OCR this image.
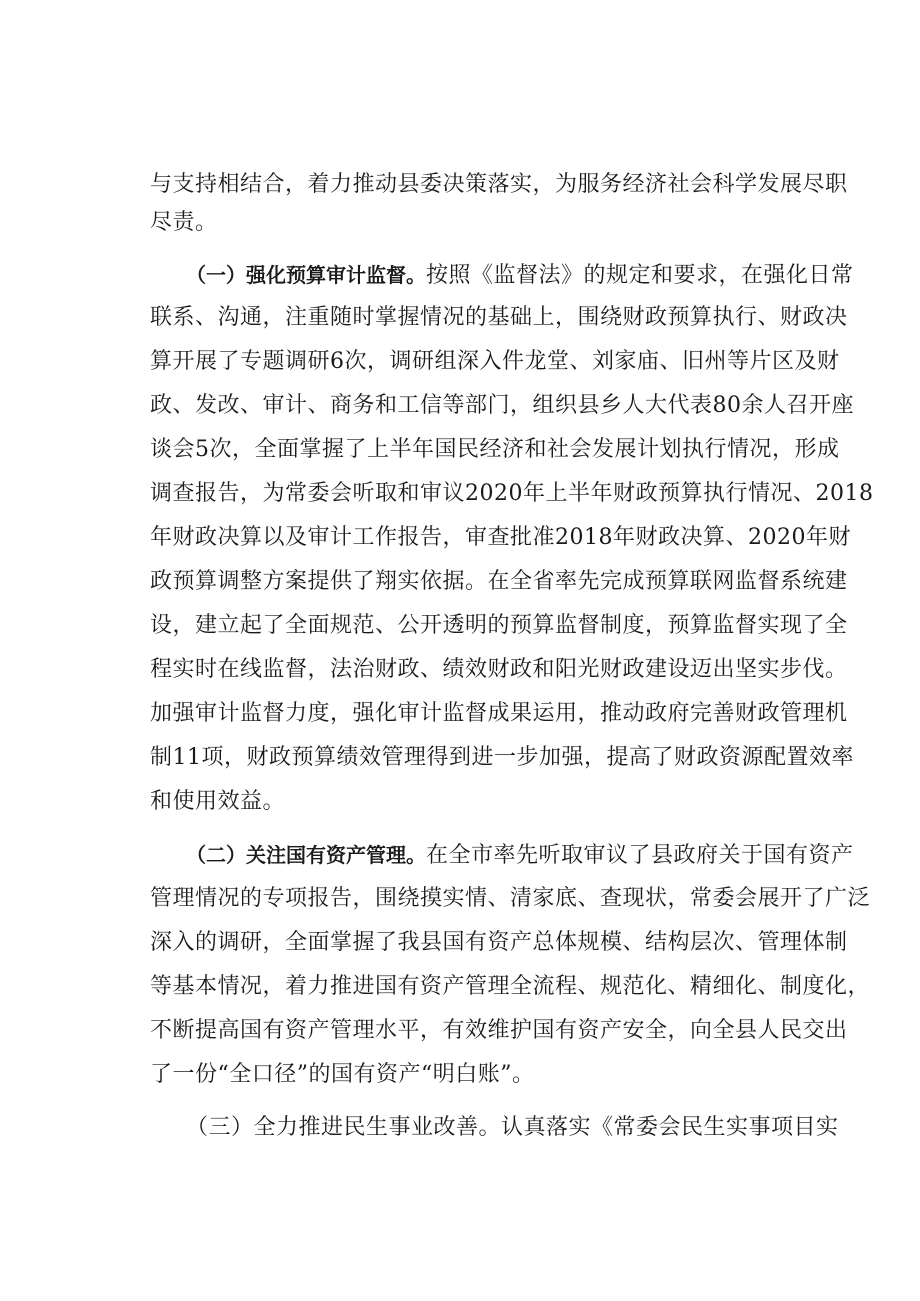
与支持相结合，着力推动县委决策落实，为服务经济社会科学发展尽职
尽责。
（一）强化预算审计监督。按照《监督法》的规定和要求，在强化日常
联系、沟通，注重随时掌握情况的基础上，围绕财政预算执行、财政决
算开展了专题调研6次，调研组深入件龙堂、刘家庙、旧州等片区及财
政、发改、审计、商务和工信等部门，组织县乡人大代表80余人召开座
谈会5次，全面掌握了上半年国民经济和社会发展计划执行情况，形成
调查报告，为常委会听取和审议2020年上半年财政预算执行情况、2018
年财政决算以及审计工作报告，审查批准2018年财政决算、2020年财
政预算调整方案提供了翔实依据。在全省率先完成预算联网监督系统建
设，建立起了全面规范、公开透明的预算监督制度，预算监督实现了全
程实时在线监督，法治财政、绩效财政和阳光财政建设迈出坚实步伐。
加强审计监督力度，强化审计监督成果运用，推动政府完善财政管理机
制11项，财政预算绩效管理得到进一步加强，提高了财政资源配置效率
和使用效益。
（二）关注国有资产管理。在全市率先听取审议了县政府关于国有资产
管理情况的专项报告，围绕摸实情、清家底、查现状，常委会展开了广泛
深入的调研，全面掌握了我县国有资产总体规模、结构层次、管理体制
等基本情况，着力推进国有资产管理全流程、规范化、精细化、制度化，
不断提高国有资产管理水平，有效维护国有资产安全，向全县人民交出
了一份“全口径”的国有资产“明白账”。
（三）全力推进民生事业改善。认真落实《常委会民生实事项目实
